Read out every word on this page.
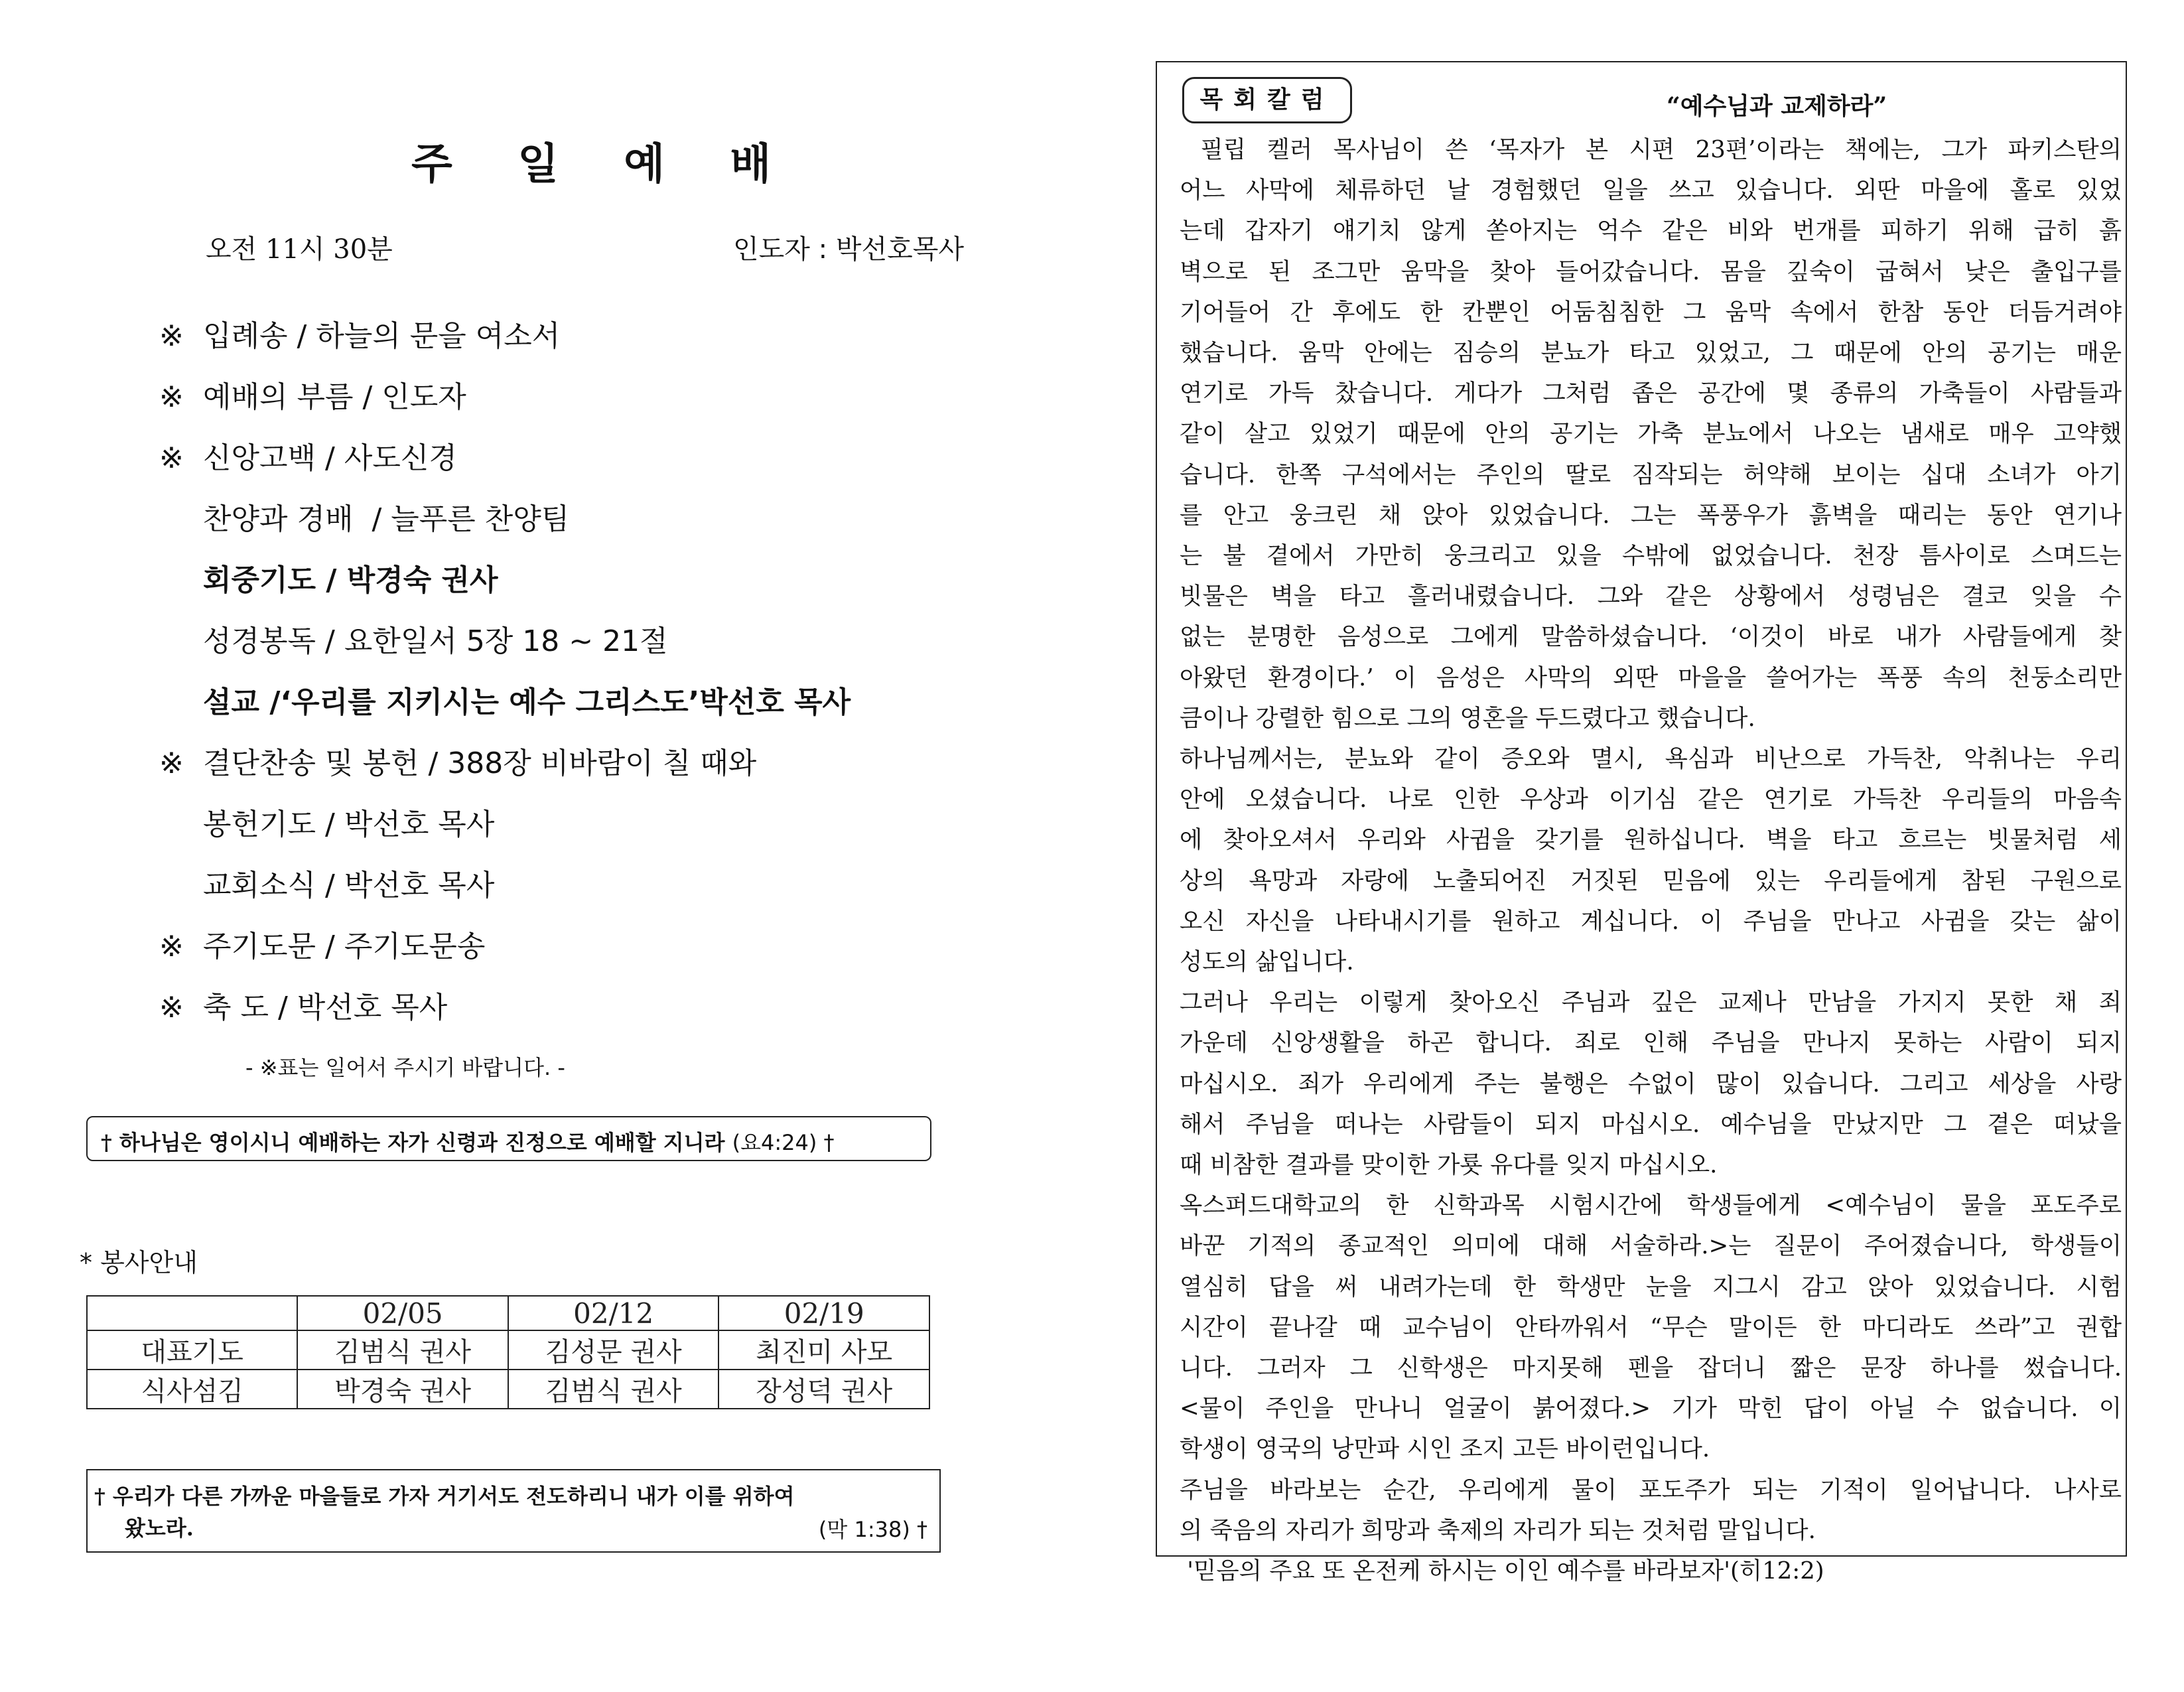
주 일 예 배
오전 11시 30분	인도자 : 박선호목사
※ 입례송 / 하늘의 문을 여소서
※ 예배의 부름 / 인도자
※ 신앙고백 / 사도신경
찬양과 경배  / 늘푸른 찬양팀
회중기도 / 박경숙 권사
성경봉독 / 요한일서 5장 18 ~ 21절
설교 /‘우리를 지키시는 예수 그리스도’박선호 목사
※ 결단찬송 및 봉헌 / 388장 비바람이 칠 때와
봉헌기도 / 박선호 목사
교회소식 / 박선호 목사
※ 주기도문 / 주기도문송
※ 축 도 / 박선호 목사
- ※표는 일어서 주시기 바랍니다. -
† 하나님은 영이시니 예배하는 자가 신령과 진정으로 예배할 지니라 (요4:24) †
* 봉사안내
	02/05	02/12	02/19
대표기도	김범식 권사	김성문 권사	최진미 사모
식사섬김	박경숙 권사	김범식 권사	장성덕 권사
† 우리가 다른 가까운 마을들로 가자 거기서도 전도하리니 내가 이를 위하여
왔노라.	(막 1:38) †
목회칼럼	“예수님과 교제하라”
필립 켈러 목사님이 쓴 ‘목자가 본 시편 23편’이라는 책에는, 그가 파키스탄의
어느 사막에 체류하던 날 경험했던 일을 쓰고 있습니다. 외딴 마을에 홀로 있었
는데 갑자기 얘기치 않게 쏟아지는 억수 같은 비와 번개를 피하기 위해 급히 흙
벽으로 된 조그만 움막을 찾아 들어갔습니다. 몸을 깊숙이 굽혀서 낮은 출입구를
기어들어 간 후에도 한 칸뿐인 어둠침침한 그 움막 속에서 한참 동안 더듬거려야
했습니다. 움막 안에는 짐승의 분뇨가 타고 있었고, 그 때문에 안의 공기는 매운
연기로 가득 찼습니다. 게다가 그처럼 좁은 공간에 몇 종류의 가축들이 사람들과
같이 살고 있었기 때문에 안의 공기는 가축 분뇨에서 나오는 냄새로 매우 고약했
습니다. 한쪽 구석에서는 주인의 딸로 짐작되는 허약해 보이는 십대 소녀가 아기
를 안고 웅크린 채 앉아 있었습니다. 그는 폭풍우가 흙벽을 때리는 동안 연기나
는 불 곁에서 가만히 웅크리고 있을 수밖에 없었습니다. 천장 틈사이로 스며드는
빗물은 벽을 타고 흘러내렸습니다. 그와 같은 상황에서 성령님은 결코 잊을 수
없는 분명한 음성으로 그에게 말씀하셨습니다. ‘이것이 바로 내가 사람들에게 찾
아왔던 환경이다.’ 이 음성은 사막의 외딴 마을을 쓸어가는 폭풍 속의 천둥소리만
큼이나 강렬한 힘으로 그의 영혼을 두드렸다고 했습니다.
하나님께서는, 분뇨와 같이 증오와 멸시, 욕심과 비난으로 가득찬, 악취나는 우리
안에 오셨습니다. 나로 인한 우상과 이기심 같은 연기로 가득찬 우리들의 마음속
에 찾아오셔서 우리와 사귐을 갖기를 원하십니다. 벽을 타고 흐르는 빗물처럼 세
상의 욕망과 자랑에 노출되어진 거짓된 믿음에 있는 우리들에게 참된 구원으로
오신 자신을 나타내시기를 원하고 계십니다. 이 주님을 만나고 사귐을 갖는 삶이
성도의 삶입니다.
그러나 우리는 이렇게 찾아오신 주님과 깊은 교제나 만남을 가지지 못한 채 죄
가운데 신앙생활을 하곤 합니다. 죄로 인해 주님을 만나지 못하는 사람이 되지
마십시오. 죄가 우리에게 주는 불행은 수없이 많이 있습니다. 그리고 세상을 사랑
해서 주님을 떠나는 사람들이 되지 마십시오. 예수님을 만났지만 그 곁은 떠났을
때 비참한 결과를 맞이한 가룟 유다를 잊지 마십시오.
옥스퍼드대학교의 한 신학과목 시험시간에 학생들에게 <예수님이 물을 포도주로
바꾼 기적의 종교적인 의미에 대해 서술하라.>는 질문이 주어졌습니다, 학생들이
열심히 답을 써 내려가는데 한 학생만 눈을 지그시 감고 앉아 있었습니다. 시험
시간이 끝나갈 때 교수님이 안타까워서 “무슨 말이든 한 마디라도 쓰라”고 권합
니다. 그러자 그 신학생은 마지못해 펜을 잡더니 짧은 문장 하나를 썼습니다.
<물이 주인을 만나니 얼굴이 붉어졌다.> 기가 막힌 답이 아닐 수 없습니다. 이
학생이 영국의 낭만파 시인 조지 고든 바이런입니다.
주님을 바라보는 순간, 우리에게 물이 포도주가 되는 기적이 일어납니다. 나사로
의 죽음의 자리가 희망과 축제의 자리가 되는 것처럼 말입니다.
'믿음의 주요 또 온전케 하시는 이인 예수를 바라보자'(히12:2)
